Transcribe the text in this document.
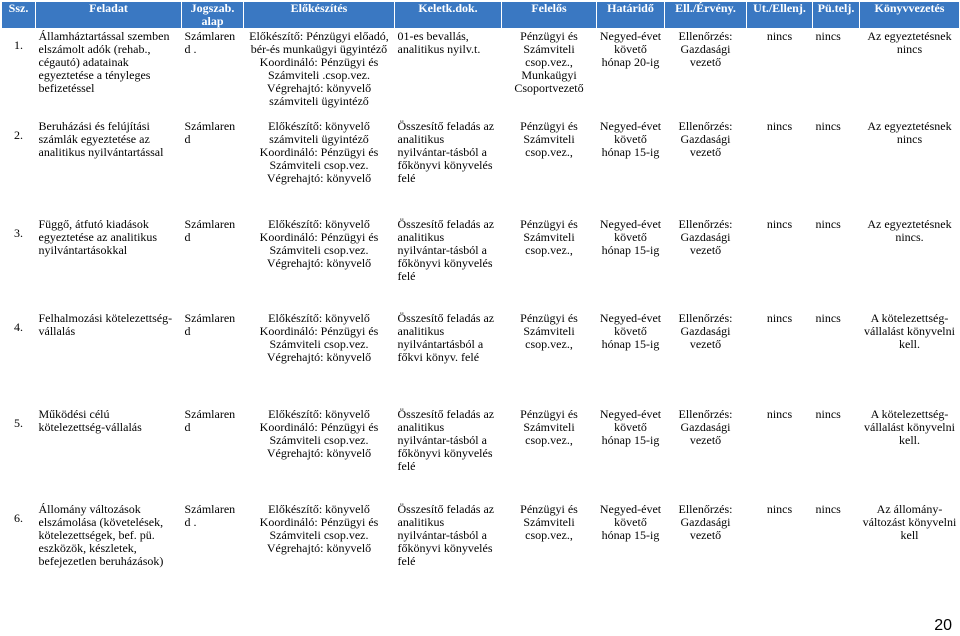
Ssz.	Feladat	Jogszab. alap	Előkészítés	Keletk.dok.	Felelős	Határidő	Ell./Érvény.	Ut./Ellenj.	Pü.telj.	Könyvvezetés
1.	Államháztartással szemben elszámolt adók (rehab., cégautó) adatainak egyeztetése a tényleges befizetéssel	Számlarend .	Előkészítő: Pénzügyi előadó, bér-és munkaügyi ügyintéző Koordináló: Pénzügyi és Számviteli .csop.vez. Végrehajtó: könyvelő számviteli ügyintéző	01-es bevallás, analitikus nyilv.t.	Pénzügyi és Számviteli csop.vez., Munkaügyi Csoportvezető	Negyed-évet követő hónap 20-ig	Ellenőrzés: Gazdasági vezető	nincs	nincs	Az egyeztetésnek nincs
2.	Beruházási és felújítási számlák egyeztetése az analitikus nyilvántartással	Számlarend	Előkészítő: könyvelő számviteli ügyintéző Koordináló: Pénzügyi és Számviteli csop.vez. Végrehajtó: könyvelő	Összesítő feladás az analitikus nyilvántar-tásból a főkönyvi könyvelés felé	Pénzügyi és Számviteli csop.vez.,	Negyed-évet követő hónap 15-ig	Ellenőrzés: Gazdasági vezető	nincs	nincs	Az egyeztetésnek nincs
3.	Függő, átfutó kiadások egyeztetése az analitikus nyilvántartásokkal	Számlarend	Előkészítő: könyvelő Koordináló: Pénzügyi és Számviteli csop.vez. Végrehajtó: könyvelő	Összesítő feladás az analitikus nyilvántar-tásból a főkönyvi könyvelés felé	Pénzügyi és Számviteli csop.vez.,	Negyed-évet követő hónap 15-ig	Ellenőrzés: Gazdasági vezető	nincs	nincs	Az egyeztetésnek nincs.
4.	Felhalmozási kötelezettség-vállalás	Számlarend	Előkészítő: könyvelő Koordináló: Pénzügyi és Számviteli csop.vez. Végrehajtó: könyvelő	Összesítő feladás az analitikus nyilvántartásból a főkvi könyv. felé	Pénzügyi és Számviteli csop.vez.,	Negyed-évet követő hónap 15-ig	Ellenőrzés: Gazdasági vezető	nincs	nincs	A kötelezettség-vállalást könyvelni kell.
5.	Működési célú kötelezettség-vállalás	Számlarend	Előkészítő: könyvelő Koordináló: Pénzügyi és Számviteli csop.vez. Végrehajtó: könyvelő	Összesítő feladás az analitikus nyilvántar-tásból a főkönyvi könyvelés felé	Pénzügyi és Számviteli csop.vez.,	Negyed-évet követő hónap 15-ig	Ellenőrzés: Gazdasági vezető	nincs	nincs	A kötelezettség-vállalást könyvelni kell.
6.	Állomány változások elszámolása (követelések, kötelezettségek, bef. pü. eszközök, készletek, befejezetlen beruházások)	Számlarend .	Előkészítő: könyvelő Koordináló: Pénzügyi és Számviteli csop.vez. Végrehajtó: könyvelő	Összesítő feladás az analitikus nyilvántar-tásból a főkönyvi könyvelés felé	Pénzügyi és Számviteli csop.vez.,	Negyed-évet követő hónap 15-ig	Ellenőrzés: Gazdasági vezető	nincs	nincs	Az állomány-változást könyvelni kell
20
